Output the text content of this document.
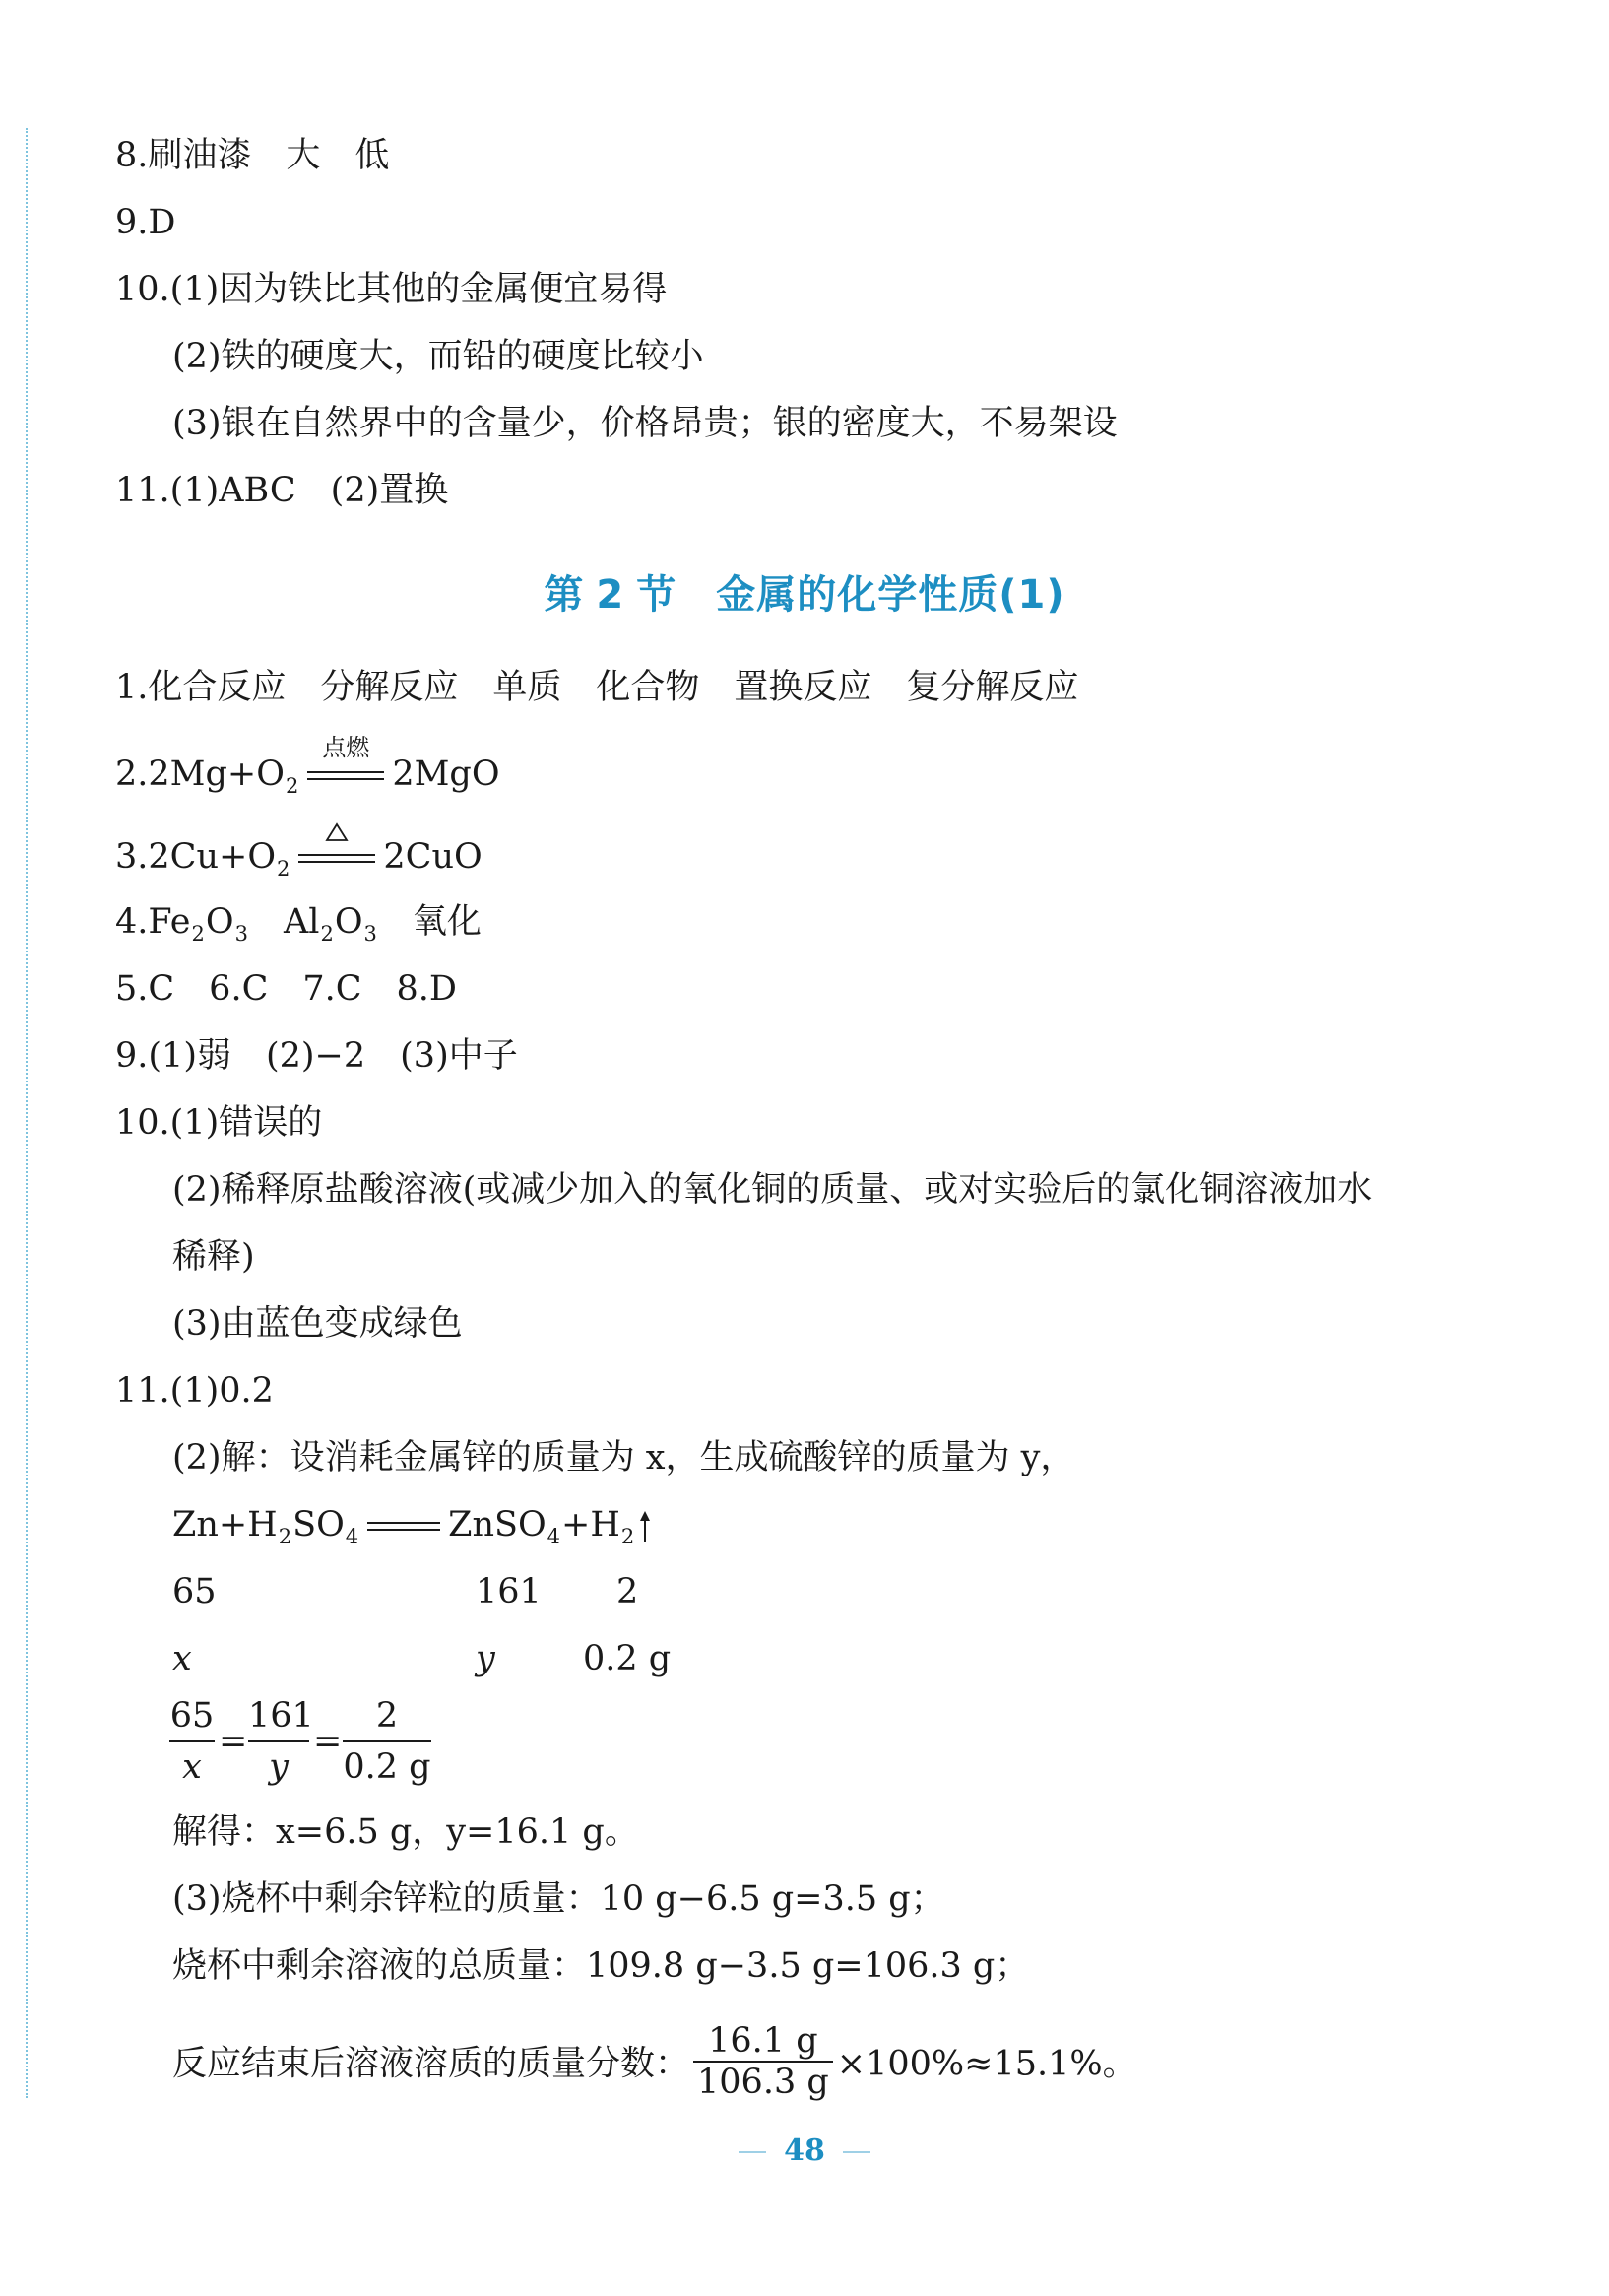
8.刷油漆　大　低
9.D
10.(1)因为铁比其他的金属便宜易得
(2)铁的硬度大，而铅的硬度比较小
(3)银在自然界中的含量少，价格昂贵；银的密度大，不易架设
11.(1)ABC　(2)置换
第 2 节 金属的化学性质(1)
1.化合反应　分解反应　单质　化合物　置换反应　复分解反应
$2.2Mg+O_2$
点燃
2MgO
$3.2Cu+O_2$	2CuO
$4.Fe_2O_3$　 $Al_2O_3$　 氧化
5.C　6.C　7.C　8.D
9.(1)弱　(2)−2　(3)中子
10.(1)错误的
(2)稀释原盐酸溶液(或减少加入的氧化铜的质量、或对实验后的氯化铜溶液加水
稀释)
(3)由蓝色变成绿色
11.(1)0.2
(2)解：设消耗金属锌的质量为 x，生成硫酸锌的质量为 y，
$Zn+H_2SO_4$	$ZnSO_4+H_2$
65	161 2
x	y	0.2 g
65
x
=
161
y
=
2
0.2 g
解得：x=6.5 g，y=16.1 g。
(3)烧杯中剩余锌粒的质量：10 g−6.5 g=3.5 g；
烧杯中剩余溶液的总质量：109.8 g−3.5 g=106.3 g；
反应结束后溶液溶质的质量分数： $\frac{16.1 g}{106.3 g} \times 100\%\approx 15.1\%$。
48
